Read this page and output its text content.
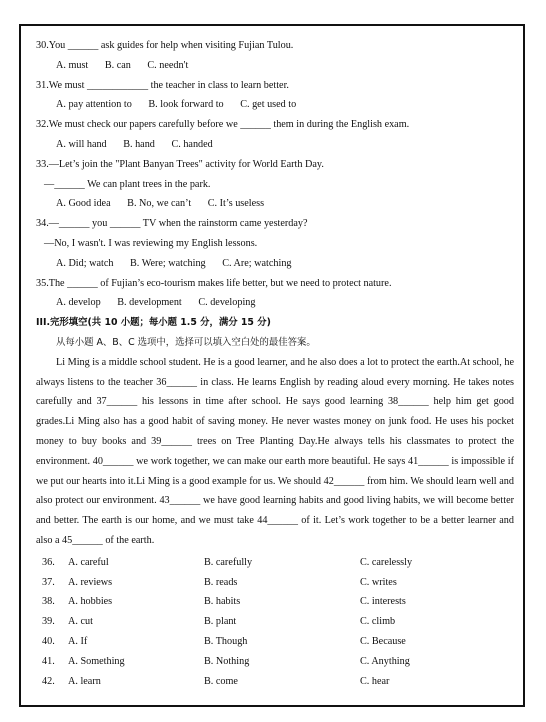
30.You ______ ask guides for help when visiting Fujian Tulou.
A. must B. can C. needn't
31.We must ____________ the teacher in class to learn better.
A. pay attention to B. look forward to C. get used to
32.We must check our papers carefully before we ______ them in during the English exam.
A. will hand B. hand C. handed
33.—Let’s join the "Plant Banyan Trees" activity for World Earth Day.
—______ We can plant trees in the park.
A. Good idea B. No, we can’t C. It’s useless
34.—______ you ______ TV when the rainstorm came yesterday?
—No, I wasn't. I was reviewing my English lessons.
A. Did; watch B. Were; watching C. Are; watching
35.The ______ of Fujian’s eco-tourism makes life better, but we need to protect nature.
A. develop B. development C. developing
III.完形填空(共 10 小题；每小题 1.5 分，满分 15 分)
从每小题 A、B、C 选项中，选择可以填入空白处的最佳答案。
Li Ming is a middle school student. He is a good learner, and he also does a lot to protect the earth.At school, he always listens to the teacher 36______ in class. He learns English by reading aloud every morning. He takes notes carefully and 37______ his lessons in time after school. He says good learning 38______ help him get good grades.Li Ming also has a good habit of saving money. He never wastes money on junk food. He uses his pocket money to buy books and 39______ trees on Tree Planting Day.He always tells his classmates to protect the environment. 40______ we work together, we can make our earth more beautiful. He says 41______ is impossible if we put our hearts into it.Li Ming is a good example for us. We should 42______ from him. We should learn well and also protect our environment. 43______ we have good learning habits and good living habits, we will become better and better. The earth is our home, and we must take 44______ of it. Let’s work together to be a better learner and also a 45______ of the earth.
36.	A. careful	B. carefully	C. carelessly
37.	A. reviews	B. reads	C. writes
38.	A. hobbies	B. habits	C. interests
39.	A. cut	B. plant	C. climb
40.	A. If	B. Though	C. Because
41.	A. Something	B. Nothing	C. Anything
42.	A. learn	B. come	C. hear
